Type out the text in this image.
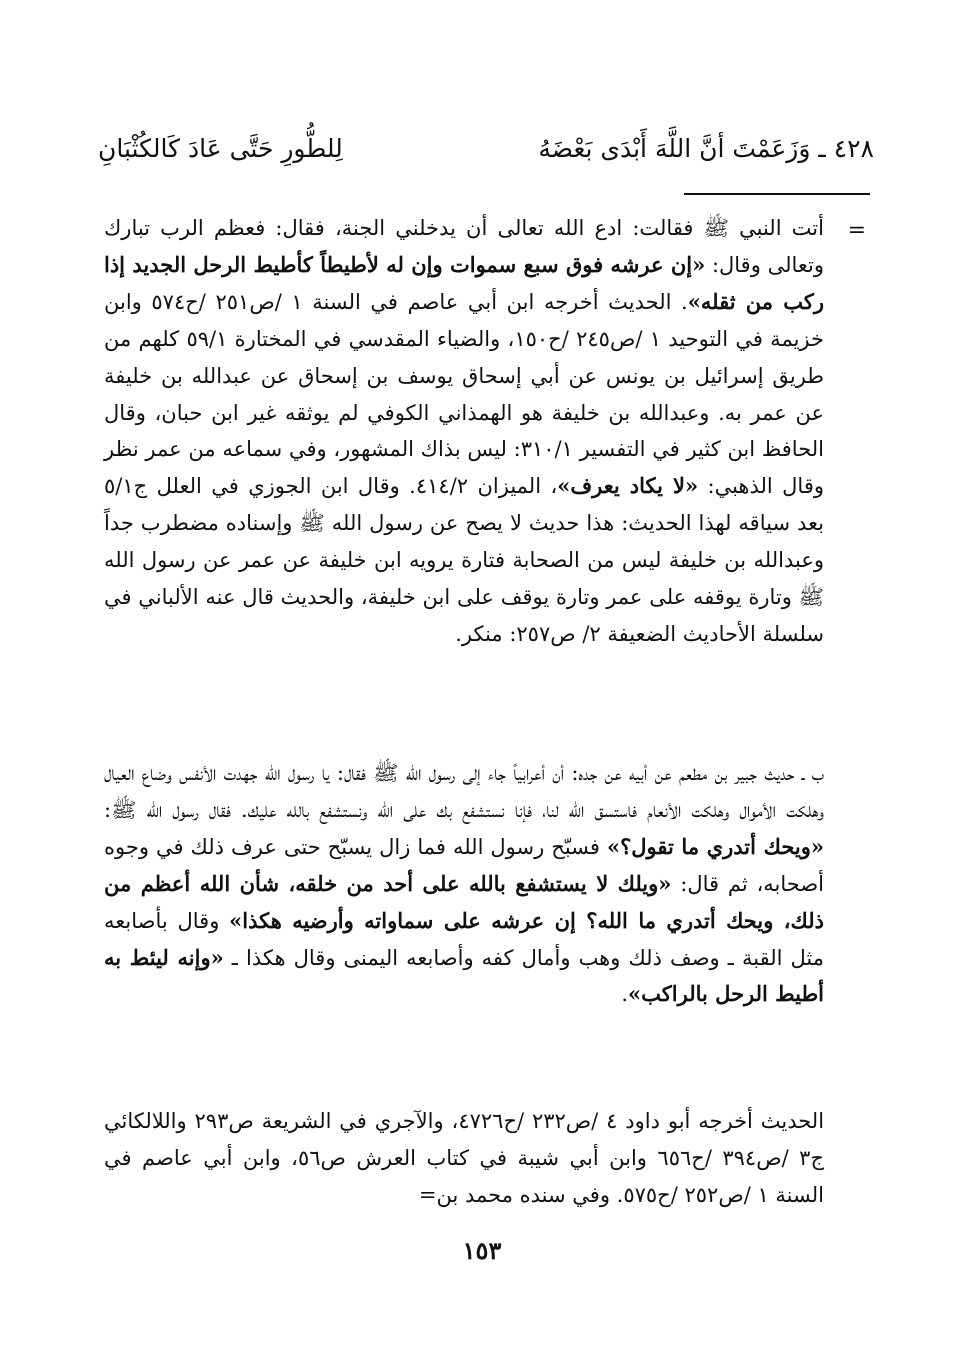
٤٢٨ ـ وَزَعَمْتَ أنَّ اللَّهَ أَبْدَى بَعْضَهُ
لِلطُّورِ حَتَّى عَادَ كَالكُثْبَانِ
=

أتت النبي ﷺ فقالت: ادع الله تعالى أن يدخلني الجنة، فقال: فعظم الرب تبارك وتعالى وقال: «إن عرشه فوق سبع سموات وإن له لأطيطاً كأطيط الرحل الجديد إذا ركب من ثقله». الحديث أخرجه ابن أبي عاصم في السنة ١ /ص٢٥١ /ح٥٧٤ وابن خزيمة في التوحيد ١ /ص٢٤٥ /ح١٥٠، والضياء المقدسي في المختارة ٥٩/١ كلهم من طريق إسرائيل بن يونس عن أبي إسحاق يوسف بن إسحاق عن عبدالله بن خليفة عن عمر به. وعبدالله بن خليفة هو الهمذاني الكوفي لم يوثقه غير ابن حبان، وقال الحافظ ابن كثير في التفسير ٣١٠/١: ليس بذاك المشهور، وفي سماعه من عمر نظر وقال الذهبي: «لا يكاد يعرف»، الميزان ٤١٤/٢. وقال ابن الجوزي في العلل ج٥/١ بعد سياقه لهذا الحديث: هذا حديث لا يصح عن رسول الله ﷺ وإسناده مضطرب جداً وعبدالله بن خليفة ليس من الصحابة فتارة يرويه ابن خليفة عن عمر عن رسول الله ﷺ وتارة يوقفه على عمر وتارة يوقف على ابن خليفة، والحديث قال عنه الألباني في سلسلة الأحاديث الضعيفة ٢/ ص٢٥٧: منكر.

ب ـ حديث جبير بن مطعم عن أبيه عن جده: أن أعرابياً جاء إلى رسول الله ﷺ فقال: يا رسول الله جهدت الأنفس وضاع العيال وهلكت الأموال وهلكت الأنعام فاستسق الله لنا، فإنا نستشفع بك على الله ونستشفع بالله عليك. فقال رسول الله ﷺ: «ويحك أتدري ما تقول؟» فسبّح رسول الله فما زال يسبّح حتى عرف ذلك في وجوه أصحابه، ثم قال: «ويلك لا يستشفع بالله على أحد من خلقه، شأن الله أعظم من ذلك، ويحك أتدري ما الله؟ إن عرشه على سماواته وأرضيه هكذا» وقال بأصابعه مثل القبة ـ وصف ذلك وهب وأمال كفه وأصابعه اليمنى وقال هكذا ـ «وإنه ليئط به أطيط الرحل بالراكب».

الحديث أخرجه أبو داود ٤ /ص٢٣٢ /ح٤٧٢٦، والآجري في الشريعة ص٢٩٣ واللالكائي ج٣ /ص٣٩٤ /ح٦٥٦ وابن أبي شيبة في كتاب العرش ص٥٦، وابن أبي عاصم في السنة ١ /ص٢٥٢ /ح٥٧٥. وفي سنده محمد بن=

١٥٣
